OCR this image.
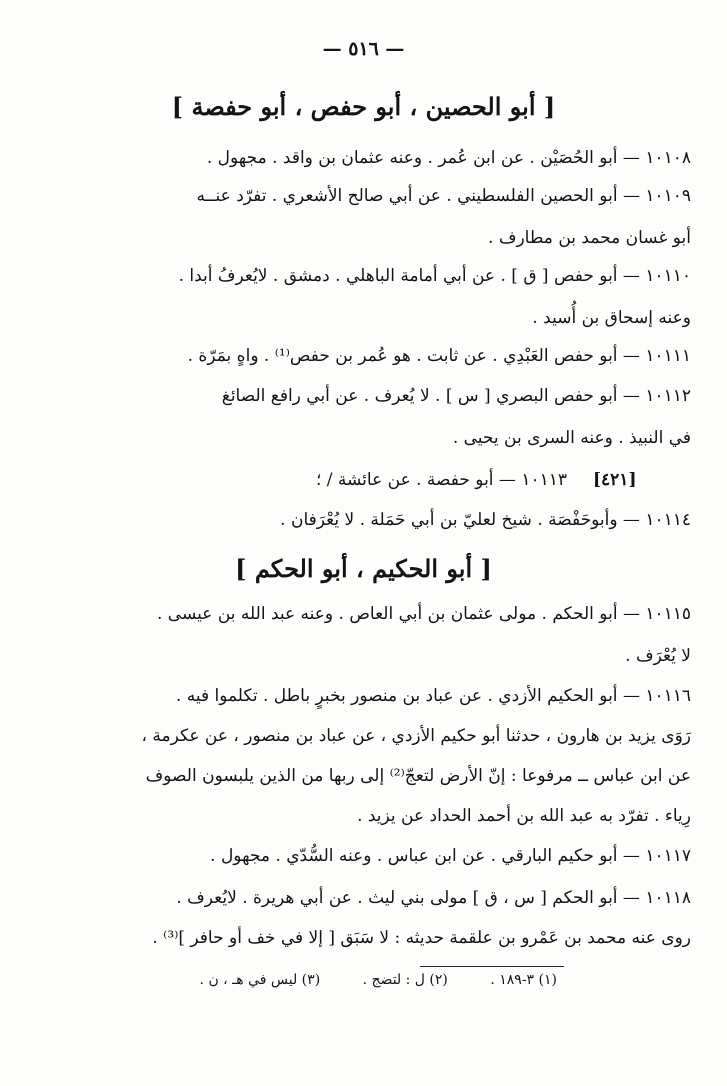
— ٥١٦ —
[ أبو الحصين ، أبو حفص ، أبو حفصة ]
١٠١٠٨ — أبو الحُصَيْن . عن ابن عُمر . وعنه عثمان بن واقد . مجهول .
١٠١٠٩ — أبو الحصين الفلسطيني . عن أبي صالح الأشعري . تفرّد عنــه
أبو غسان محمد بن مطارف .
١٠١١٠ — أبو حفص [ ق ] . عن أبي أمامة الباهلي . دمشق . لايُعرفُ أبدا .
وعنه إسحاق بن أُسيد .
١٠١١١ — أبو حفص العَبْدِي . عن ثابت . هو عُمر بن حفص⁽¹⁾ . واهٍ بمَرّة .
١٠١١٢ — أبو حفص البصري [ س ] . لا يُعرف . عن أبي رافع الصائغ
في النبيذ . وعنه السرى بن يحيى .
١٠١١٣ — أبو حفصة . عن عائشة / ؛ [٤٢١]
١٠١١٤ — وأبوحَفْصَة . شيخ لعليّ بن أبي حَمَلة . لا يُعْرَفان .
[ أبو الحكيم ، أبو الحكم ]
١٠١١٥ — أبو الحكم . مولى عثمان بن أبي العاص . وعنه عبد الله بن عيسى .
لا يُعْرَف .
١٠١١٦ — أبو الحكيم الأزدي . عن عباد بن منصور بخبرٍ باطل . تكلموا فيه .
رَوَى يزيد بن هارون ، حدثنا أبو حكيم الأزدي ، عن عباد بن منصور ، عن عكرمة ،
عن ابن عباس ــ مرفوعا : إنّ الأرض لتعجّ⁽²⁾ إلى ربها من الذين يلبسون الصوف
رِياء . تفرّد به عبد الله بن أحمد الحداد عن يزيد .
١٠١١٧ — أبو حكيم البارقي . عن ابن عباس . وعنه السُّدّي . مجهول .
١٠١١٨ — أبو الحكم [ س ، ق ] مولى بني ليث . عن أبي هريرة . لايُعرف .
روى عنه محمد بن عَمْرو بن علقمة حديثه : لا سَبَق [ إلا في خف أو حافر ]⁽³⁾ .
(١) ٣-١٨٩ . (٢) ل : لتضج . (٣) ليس في هـ ، ن .
